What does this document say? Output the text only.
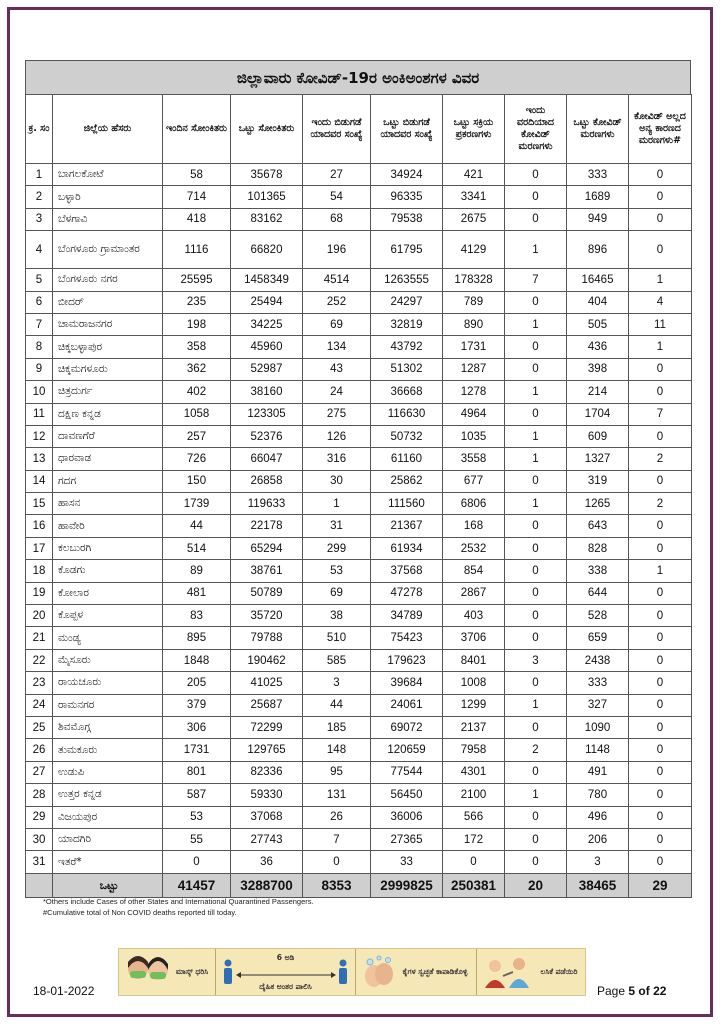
ಜಿಲ್ಲಾವಾರು ಕೋವಿಡ್-19ರ ಅಂಕಿಅಂಶಗಳ ವಿವರ
ಕ್ರ. ಸಂ	ಜಿಲ್ಲೆಯ ಹೆಸರು	ಇಂದಿನ ಸೋಂಕಿತರು	ಒಟ್ಟು ಸೋಂಕಿತರು	ಇಂದು ಬಿಡುಗಡೆ ಯಾದವರ ಸಂಖ್ಯೆ	ಒಟ್ಟು ಬಿಡುಗಡೆ ಯಾದವರ ಸಂಖ್ಯೆ	ಒಟ್ಟು ಸಕ್ರಿಯ ಪ್ರಕರಣಗಳು	ಇಂದು ವರದಿಯಾದ ಕೋವಿಡ್ ಮರಣಗಳು	ಒಟ್ಟು ಕೋವಿಡ್ ಮರಣಗಳು	ಕೋವಿಡ್ ಅಲ್ಲದ ಅನ್ಯ ಕಾರಣದ ಮರಣಗಳು#
1	ಬಾಗಲಕೋಟೆ	58	35678	27	34924	421	0	333	0
2	ಬಳ್ಳಾರಿ	714	101365	54	96335	3341	0	1689	0
3	ಬೆಳಗಾವಿ	418	83162	68	79538	2675	0	949	0
4	ಬೆಂಗಳೂರು ಗ್ರಾಮಾಂತರ	1116	66820	196	61795	4129	1	896	0
5	ಬೆಂಗಳೂರು ನಗರ	25595	1458349	4514	1263555	178328	7	16465	1
6	ಬೀದರ್	235	25494	252	24297	789	0	404	4
7	ಚಾಮರಾಜನಗರ	198	34225	69	32819	890	1	505	11
8	ಚಿಕ್ಕಬಳ್ಳಾಪುರ	358	45960	134	43792	1731	0	436	1
9	ಚಿಕ್ಕಮಗಳೂರು	362	52987	43	51302	1287	0	398	0
10	ಚಿತ್ರದುರ್ಗ	402	38160	24	36668	1278	1	214	0
11	ದಕ್ಷಿಣ ಕನ್ನಡ	1058	123305	275	116630	4964	0	1704	7
12	ದಾವಣಗೆರೆ	257	52376	126	50732	1035	1	609	0
13	ಧಾರವಾಡ	726	66047	316	61160	3558	1	1327	2
14	ಗದಗ	150	26858	30	25862	677	0	319	0
15	ಹಾಸನ	1739	119633	1	111560	6806	1	1265	2
16	ಹಾವೇರಿ	44	22178	31	21367	168	0	643	0
17	ಕಲಬುರಗಿ	514	65294	299	61934	2532	0	828	0
18	ಕೊಡಗು	89	38761	53	37568	854	0	338	1
19	ಕೋಲಾರ	481	50789	69	47278	2867	0	644	0
20	ಕೊಪ್ಪಳ	83	35720	38	34789	403	0	528	0
21	ಮಂಡ್ಯ	895	79788	510	75423	3706	0	659	0
22	ಮೈಸೂರು	1848	190462	585	179623	8401	3	2438	0
23	ರಾಯಚೂರು	205	41025	3	39684	1008	0	333	0
24	ರಾಮನಗರ	379	25687	44	24061	1299	1	327	0
25	ಶಿವಮೊಗ್ಗ	306	72299	185	69072	2137	0	1090	0
26	ತುಮಕೂರು	1731	129765	148	120659	7958	2	1148	0
27	ಉಡುಪಿ	801	82336	95	77544	4301	0	491	0
28	ಉತ್ತರ ಕನ್ನಡ	587	59330	131	56450	2100	1	780	0
29	ವಿಜಯಪುರ	53	37068	26	36006	566	0	496	0
30	ಯಾದಗಿರಿ	55	27743	7	27365	172	0	206	0
31	ಇತರೆ*	0	36	0	33	0	0	3	0
	ಒಟ್ಟು	41457	3288700	8353	2999825	250381	20	38465	29
*Others include Cases of other States and International Quarantined Passengers.
#Cumulative total of Non COVID deaths reported till today.
ಮಾಸ್ಕ್ ಧರಿಸಿ
6 ಅಡಿ
ದೈಹಿಕ ಅಂತರ ಪಾಲಿಸಿ
ಕೈಗಳ ಸ್ವಚ್ಛತೆ ಕಾಪಾಡಿಕೊಳ್ಳಿ	ಲಸಿಕೆ ಪಡೆಯಿರಿ
18-01-2022	Page 5 of 22
